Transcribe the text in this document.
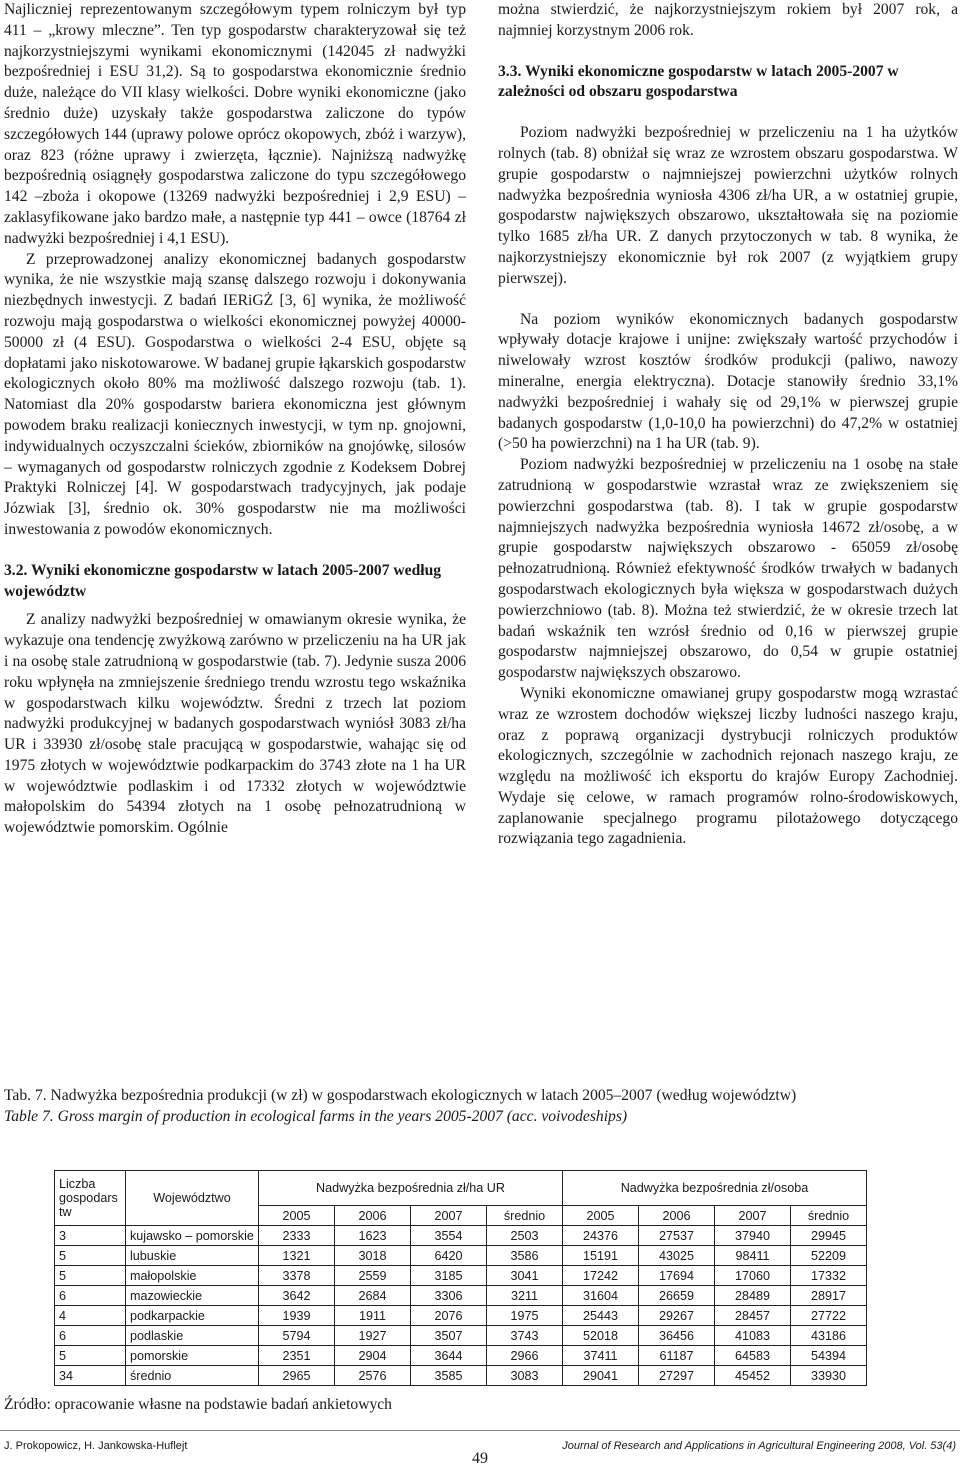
Najliczniej reprezentowanym szczegółowym typem rolniczym był typ 411 – „krowy mleczne”. Ten typ gospodarstw charakteryzował się też najkorzystniejszymi wynikami ekonomicznymi (142045 zł nadwyżki bezpośredniej i ESU 31,2). Są to gospodarstwa ekonomicznie średnio duże, należące do VII klasy wielkości. Dobre wyniki ekonomiczne (jako średnio duże) uzyskały także gospodarstwa zaliczone do typów szczegółowych 144 (uprawy polowe oprócz okopowych, zbóż i warzyw), oraz 823 (różne uprawy i zwierzęta, łącznie). Najniższą nadwyżkę bezpośrednią osiągnęły gospodarstwa zaliczone do typu szczegółowego 142 –zboża i okopowe (13269 nadwyżki bezpośredniej i 2,9 ESU) – zaklasyfikowane jako bardzo małe, a następnie typ 441 – owce (18764 zł nadwyżki bezpośredniej i 4,1 ESU).

Z przeprowadzonej analizy ekonomicznej badanych gospodarstw wynika, że nie wszystkie mają szansę dalszego rozwoju i dokonywania niezbędnych inwestycji. Z badań IERiGŻ [3, 6] wynika, że możliwość rozwoju mają gospodarstwa o wielkości ekonomicznej powyżej 40000-50000 zł (4 ESU). Gospodarstwa o wielkości 2-4 ESU, objęte są dopłatami jako niskotowarowe. W badanej grupie łąkarskich gospodarstw ekologicznych około 80% ma możliwość dalszego rozwoju (tab. 1). Natomiast dla 20% gospodarstw bariera ekonomiczna jest głównym powodem braku realizacji koniecznych inwestycji, w tym np. gnojowni, indywidualnych oczyszczalni ścieków, zbiorników na gnojówkę, silosów – wymaganych od gospodarstw rolniczych zgodnie z Kodeksem Dobrej Praktyki Rolniczej [4]. W gospodarstwach tradycyjnych, jak podaje Józwiak [3], średnio ok. 30% gospodarstw nie ma możliwości inwestowania z powodów ekonomicznych.

3.2. Wyniki ekonomiczne gospodarstw w latach 2005-2007 według województw

Z analizy nadwyżki bezpośredniej w omawianym okresie wynika, że wykazuje ona tendencję zwyżkową zarówno w przeliczeniu na ha UR jak i na osobę stale zatrudnioną w gospodarstwie (tab. 7). Jedynie susza 2006 roku wpłynęła na zmniejszenie średniego trendu wzrostu tego wskaźnika w gospodarstwach kilku województw. Średni z trzech lat poziom nadwyżki produkcyjnej w badanych gospodarstwach wyniósł 3083 zł/ha UR i 33930 zł/osobę stale pracującą w gospodarstwie, wahając się od 1975 złotych w województwie podkarpackim do 3743 złote na 1 ha UR w województwie podlaskim i od 17332 złotych w województwie małopolskim do 54394 złotych na 1 osobę pełnozatrudnioną w województwie pomorskim. Ogólnie

można stwierdzić, że najkorzystniejszym rokiem był 2007 rok, a najmniej korzystnym 2006 rok.

3.3. Wyniki ekonomiczne gospodarstw w latach 2005-2007 w zależności od obszaru gospodarstwa

Poziom nadwyżki bezpośredniej w przeliczeniu na 1 ha użytków rolnych (tab. 8) obniżał się wraz ze wzrostem obszaru gospodarstwa. W grupie gospodarstw o najmniejszej powierzchni użytków rolnych nadwyżka bezpośrednia wyniosła 4306 zł/ha UR, a w ostatniej grupie, gospodarstw największych obszarowo, ukształtowała się na poziomie tylko 1685 zł/ha UR. Z danych przytoczonych w tab. 8 wynika, że najkorzystniejszy ekonomicznie był rok 2007 (z wyjątkiem grupy pierwszej).

Na poziom wyników ekonomicznych badanych gospodarstw wpływały dotacje krajowe i unijne: zwiększały wartość przychodów i niwelowały wzrost kosztów środków produkcji (paliwo, nawozy mineralne, energia elektryczna). Dotacje stanowiły średnio 33,1% nadwyżki bezpośredniej i wahały się od 29,1% w pierwszej grupie badanych gospodarstw (1,0-10,0 ha powierzchni) do 47,2% w ostatniej (>50 ha powierzchni) na 1 ha UR (tab. 9).

Poziom nadwyżki bezpośredniej w przeliczeniu na 1 osobę na stałe zatrudnioną w gospodarstwie wzrastał wraz ze zwiększeniem się powierzchni gospodarstwa (tab. 8). I tak w grupie gospodarstw najmniejszych nadwyżka bezpośrednia wyniosła 14672 zł/osobę, a w grupie gospodarstw największych obszarowo - 65059 zł/osobę pełnozatrudnioną. Również efektywność środków trwałych w badanych gospodarstwach ekologicznych była większa w gospodarstwach dużych powierzchniowo (tab. 8). Można też stwierdzić, że w okresie trzech lat badań wskaźnik ten wzrósł średnio od 0,16 w pierwszej grupie gospodarstw najmniejszej obszarowo, do 0,54 w grupie ostatniej gospodarstw największych obszarowo.

Wyniki ekonomiczne omawianej grupy gospodarstw mogą wzrastać wraz ze wzrostem dochodów większej liczby ludności naszego kraju, oraz z poprawą organizacji dystrybucji rolniczych produktów ekologicznych, szczególnie w zachodnich rejonach naszego kraju, ze względu na możliwość ich eksportu do krajów Europy Zachodniej. Wydaje się celowe, w ramach programów rolno-środowiskowych, zaplanowanie specjalnego programu pilotażowego dotyczącego rozwiązania tego zagadnienia.

Tab. 7. Nadwyżka bezpośrednia produkcji (w zł) w gospodarstwach ekologicznych w latach 2005–2007 (według województw)

Table 7. Gross margin of production in ecological farms in the years 2005-2007 (acc. voivodeships)

Liczba gospodars tw	Województwo	Nadwyżka bezpośrednia zł/ha UR				Nadwyżka bezpośrednia zł/osoba			
		2005	2006	2007	średnio	2005	2006	2007	średnio
3	kujawsko – pomorskie	2333	1623	3554	2503	24376	27537	37940	29945
5	lubuskie	1321	3018	6420	3586	15191	43025	98411	52209
5	małopolskie	3378	2559	3185	3041	17242	17694	17060	17332
6	mazowieckie	3642	2684	3306	3211	31604	26659	28489	28917
4	podkarpackie	1939	1911	2076	1975	25443	29267	28457	27722
6	podlaskie	5794	1927	3507	3743	52018	36456	41083	43186
5	pomorskie	2351	2904	3644	2966	37411	61187	64583	54394
34	średnio	2965	2576	3585	3083	29041	27297	45452	33930
Źródło: opracowanie własne na podstawie badań ankietowych
J. Prokopowicz, H. Jankowska-Huflejt
49
Journal of Research and Applications in Agricultural Engineering 2008, Vol. 53(4)
